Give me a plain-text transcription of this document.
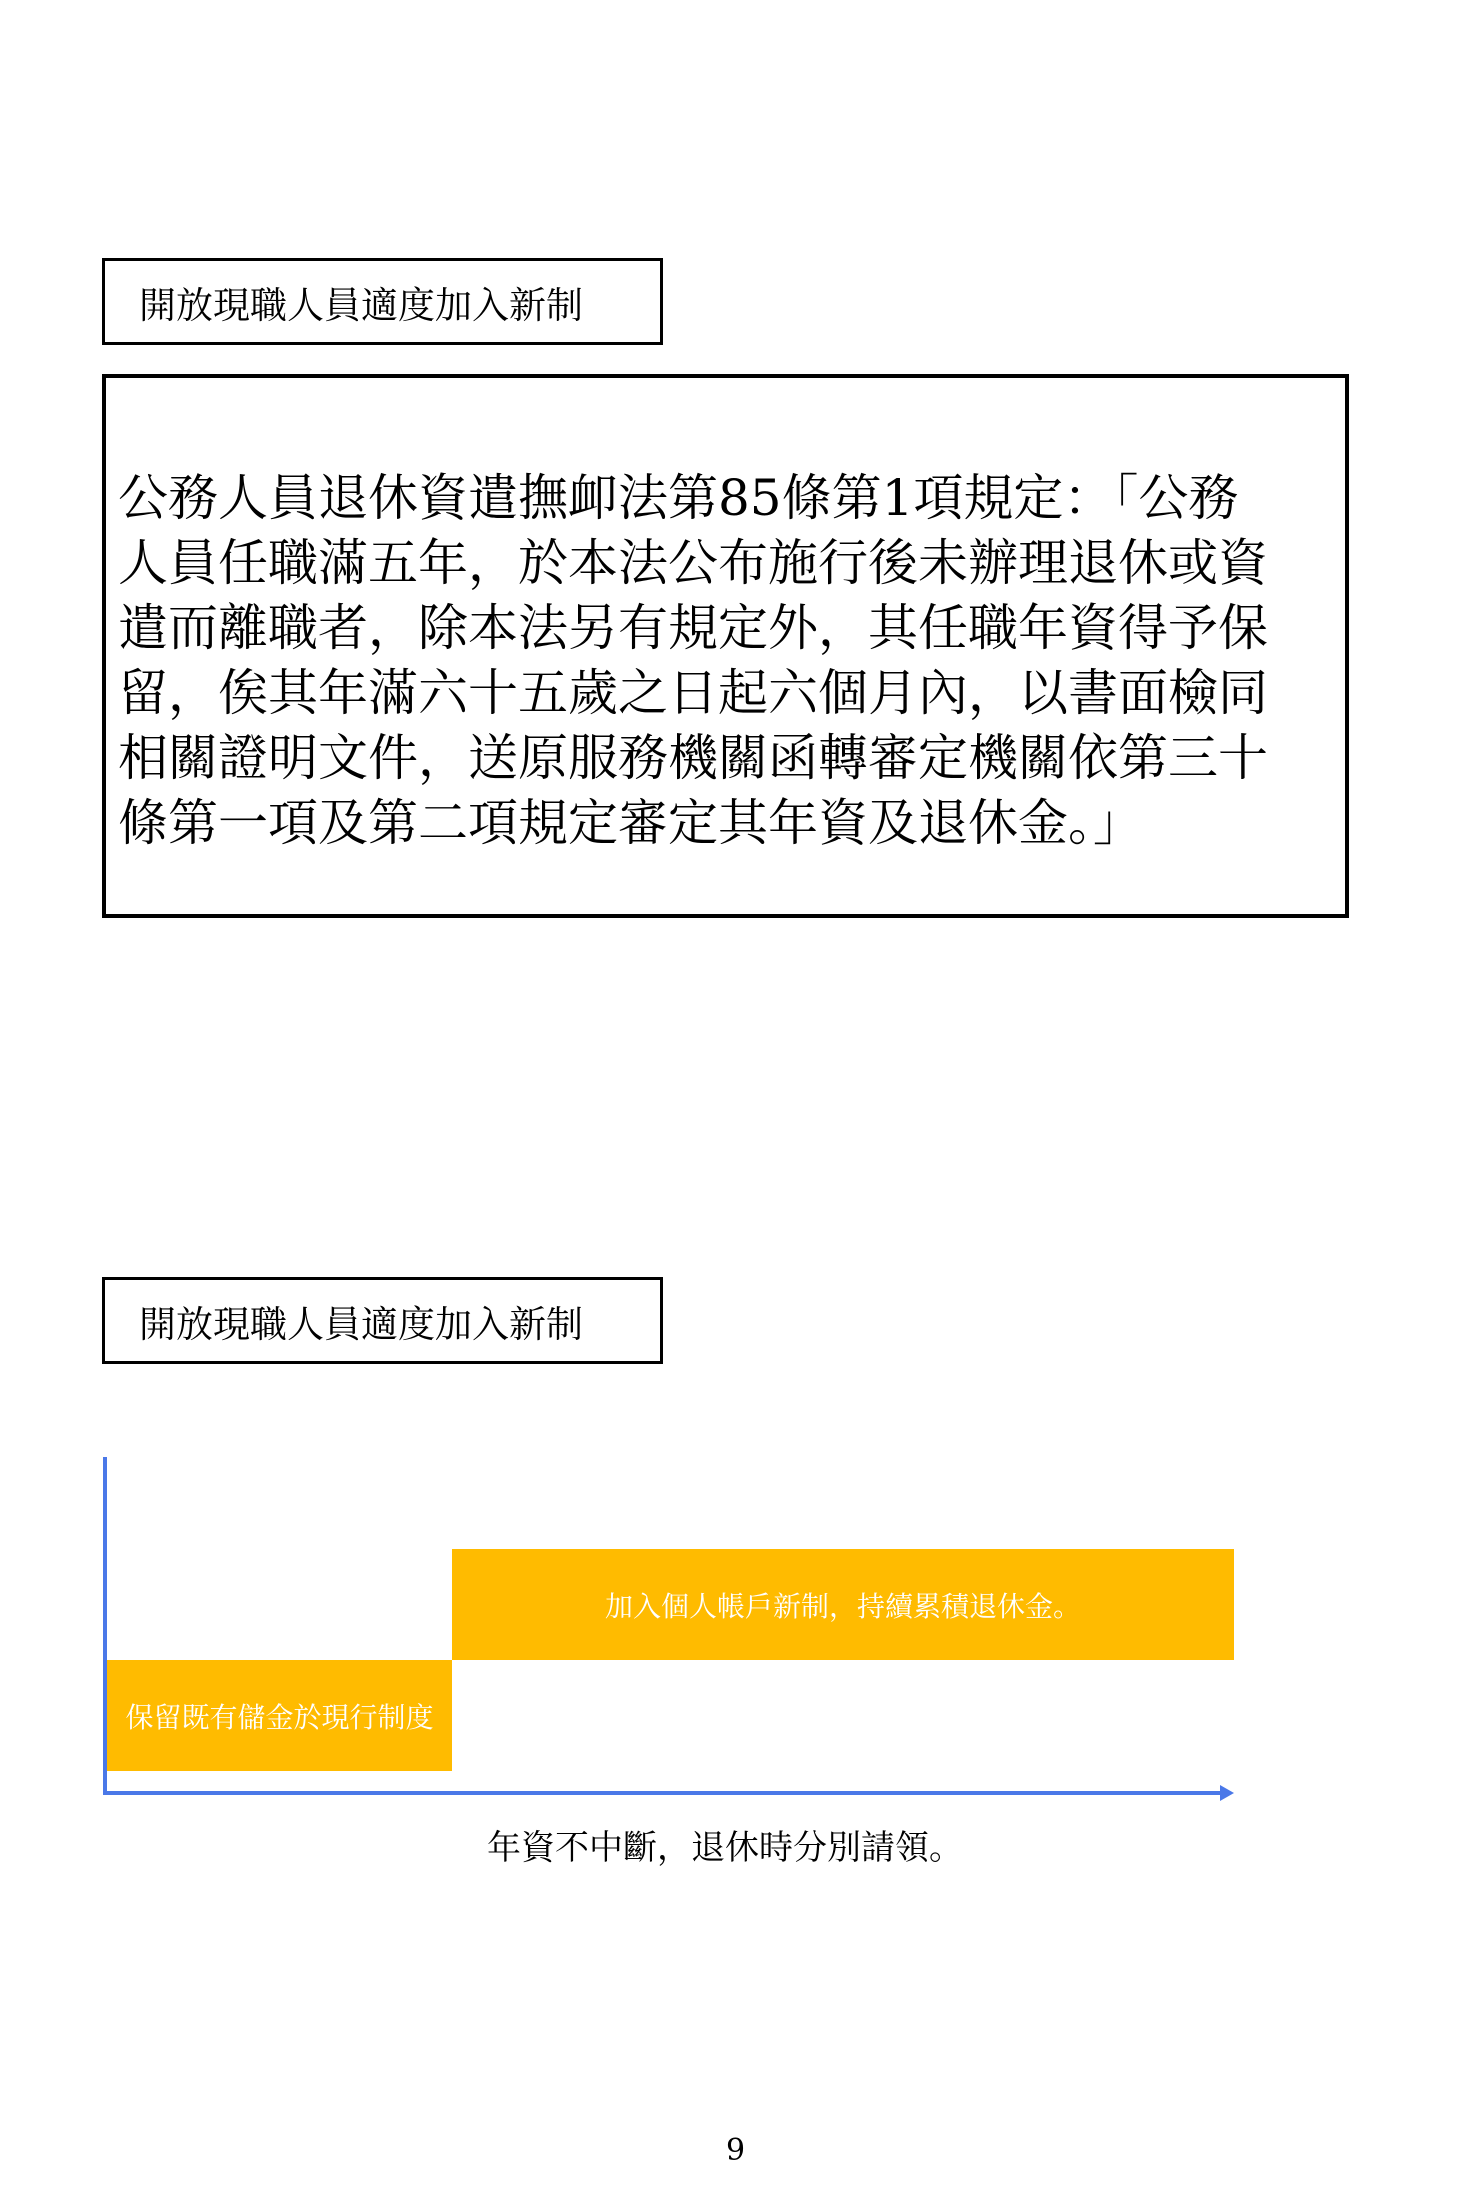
開放現職人員適度加入新制
公務人員退休資遣撫卹法第85條第1項規定：「公務
人員任職滿五年，於本法公布施行後未辦理退休或資
遣而離職者，除本法另有規定外，其任職年資得予保
留，俟其年滿六十五歲之日起六個月內，以書面檢同
相關證明文件，送原服務機關函轉審定機關依第三十
條第一項及第二項規定審定其年資及退休金。」
開放現職人員適度加入新制
加入個人帳戶新制，持續累積退休金。
保留既有儲金於現行制度
年資不中斷，退休時分別請領。
9
